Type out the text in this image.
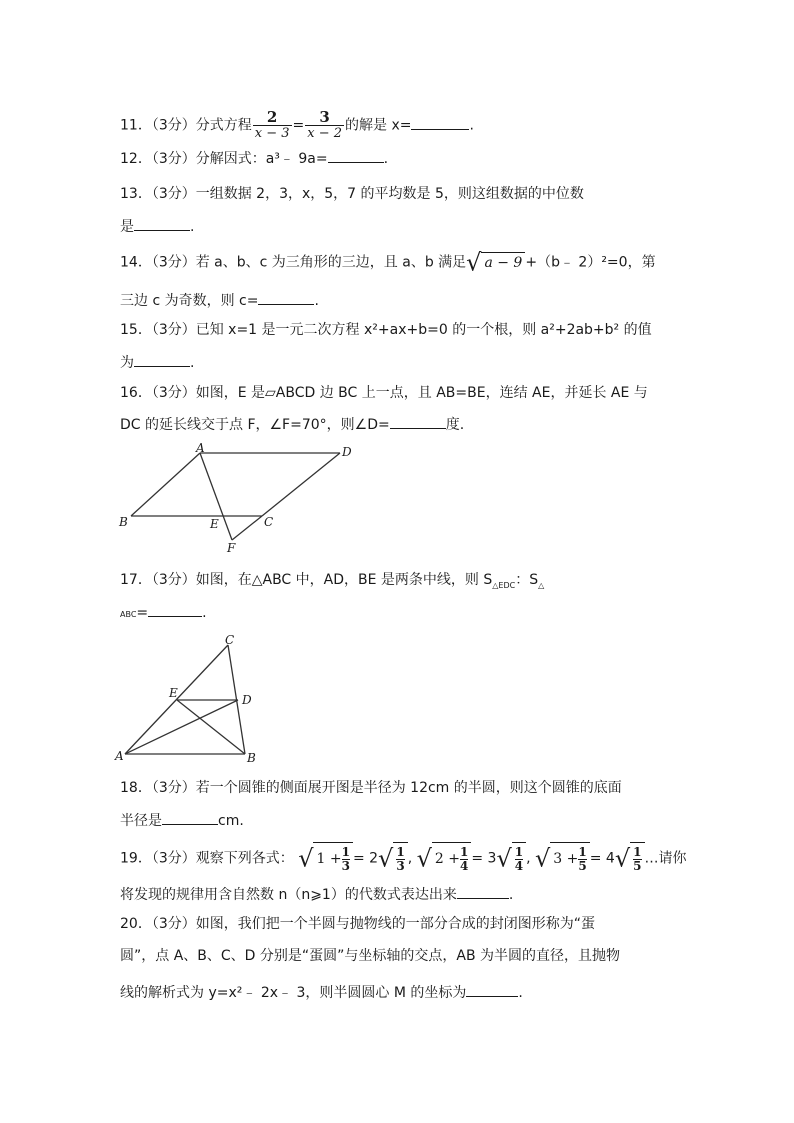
11．（3分）分式方程 $\frac{2}{x - 3} = \frac{3}{x - 2}$ 的解是 x=	.
12．（3分）分解因式：a³﹣ 9a=	.
13．（3分）一组数据 2，3，x，5，7 的平均数是 5，则这组数据的中位数
是	.
14．（3分）若 a、b、c 为三角形的三边，且 a、b 满足√ a − 9 +（b﹣ 2）²=0，第
三边 c 为奇数，则 c=	.
15．（3分）已知 x=1 是一元二次方程 x²+ax+b=0 的一个根，则 a²+2ab+b² 的值
为	.
16．（3分）如图，E 是▱ABCD 边 BC 上一点，且 AB=BE，连结 AE，并延长 AE 与
DC 的延长线交于点 F，∠F=70°，则∠D=	度.
A	D
B	E	C
F
17．（3分）如图，在△ABC 中，AD，BE 是两条中线，则 $S_{\triangle EDC}$：$S_\triangle$
ABC=	.
C
E	D
A	B
18．（3分）若一个圆锥的侧面展开图是半径为 12cm 的半圆，则这个圆锥的底面
半径是	cm.
19．（3分）观察下列各式： √ $1 + \frac{1}{3} = 2√ \frac{1}{3}$ , √ $2 + \frac{1}{4} = 3√ \frac{1}{4}$ , √ $3 + \frac{1}{5} = 4√ \frac{1}{5}$ …请你
将发现的规律用含自然数 n（n⩾1）的代数式表达出来	.
20．（3分）如图，我们把一个半圆与抛物线的一部分合成的封闭图形称为“蛋
圆”，点 A、B、C、D 分别是“蛋圆”与坐标轴的交点，AB 为半圆的直径，且抛物
线的解析式为 y=x²﹣ 2x﹣ 3，则半圆圆心 M 的坐标为	.
